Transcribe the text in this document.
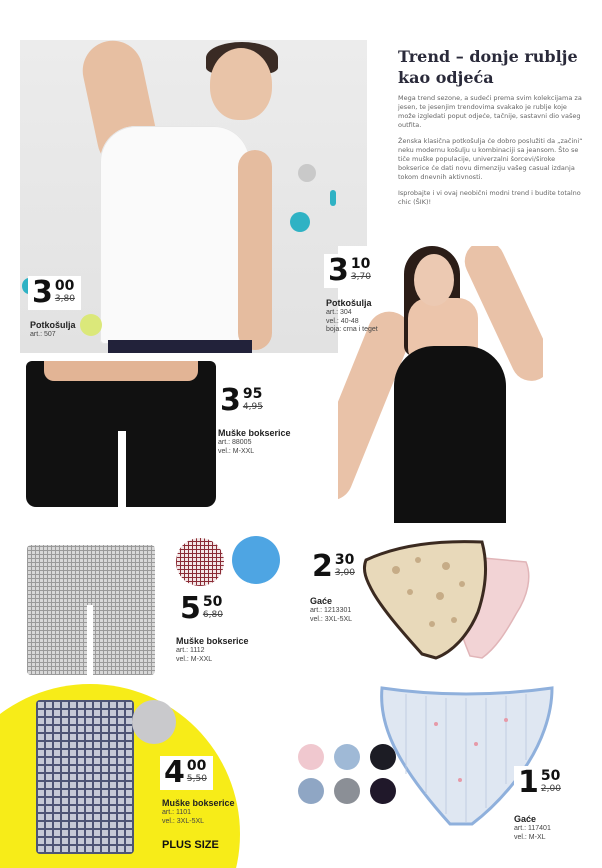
Trend – donje rublje kao odjeća

Mega trend sezone, a sudeći prema svim kolekcijama za jesen, te jesenjim trendovima svakako je rublje koje može izgledati poput odjeće, tačnije, sastavni dio vašeg outfita.

Ženska klasična potkošulja će dobro poslužiti da „začini“ neku modernu košulju u kombinaciji sa jeansom. Što se tiče muške populacije, univerzalni šorcevi/široke bokserice će dati novu dimenziju vašeg casual izdanja tokom dnevnih aktivnosti.

Isprobajte i vi ovaj neobični modni trend i budite totalno chic (ŠIK)!

3 00
3,80
Potkošulja
art.: 507
3 10
3,70
Potkošulja
art.: 304
vel.: 40-48
boja: crna i teget
3 95
4,95
Muške bokserice
art.: 88005
vel.: M-XXL
2 30
3,00
Gaće
art.: 1213301
vel.: 3XL-5XL
5 50
6,80
Muške bokserice
art.: 1112
vel.: M-XXL
4 00
5,50
Muške bokserice
art.: 1101
vel.: 3XL-5XL
PLUS SIZE
1 50
2,00
Gaće
art.: 117401
vel.: M-XL
